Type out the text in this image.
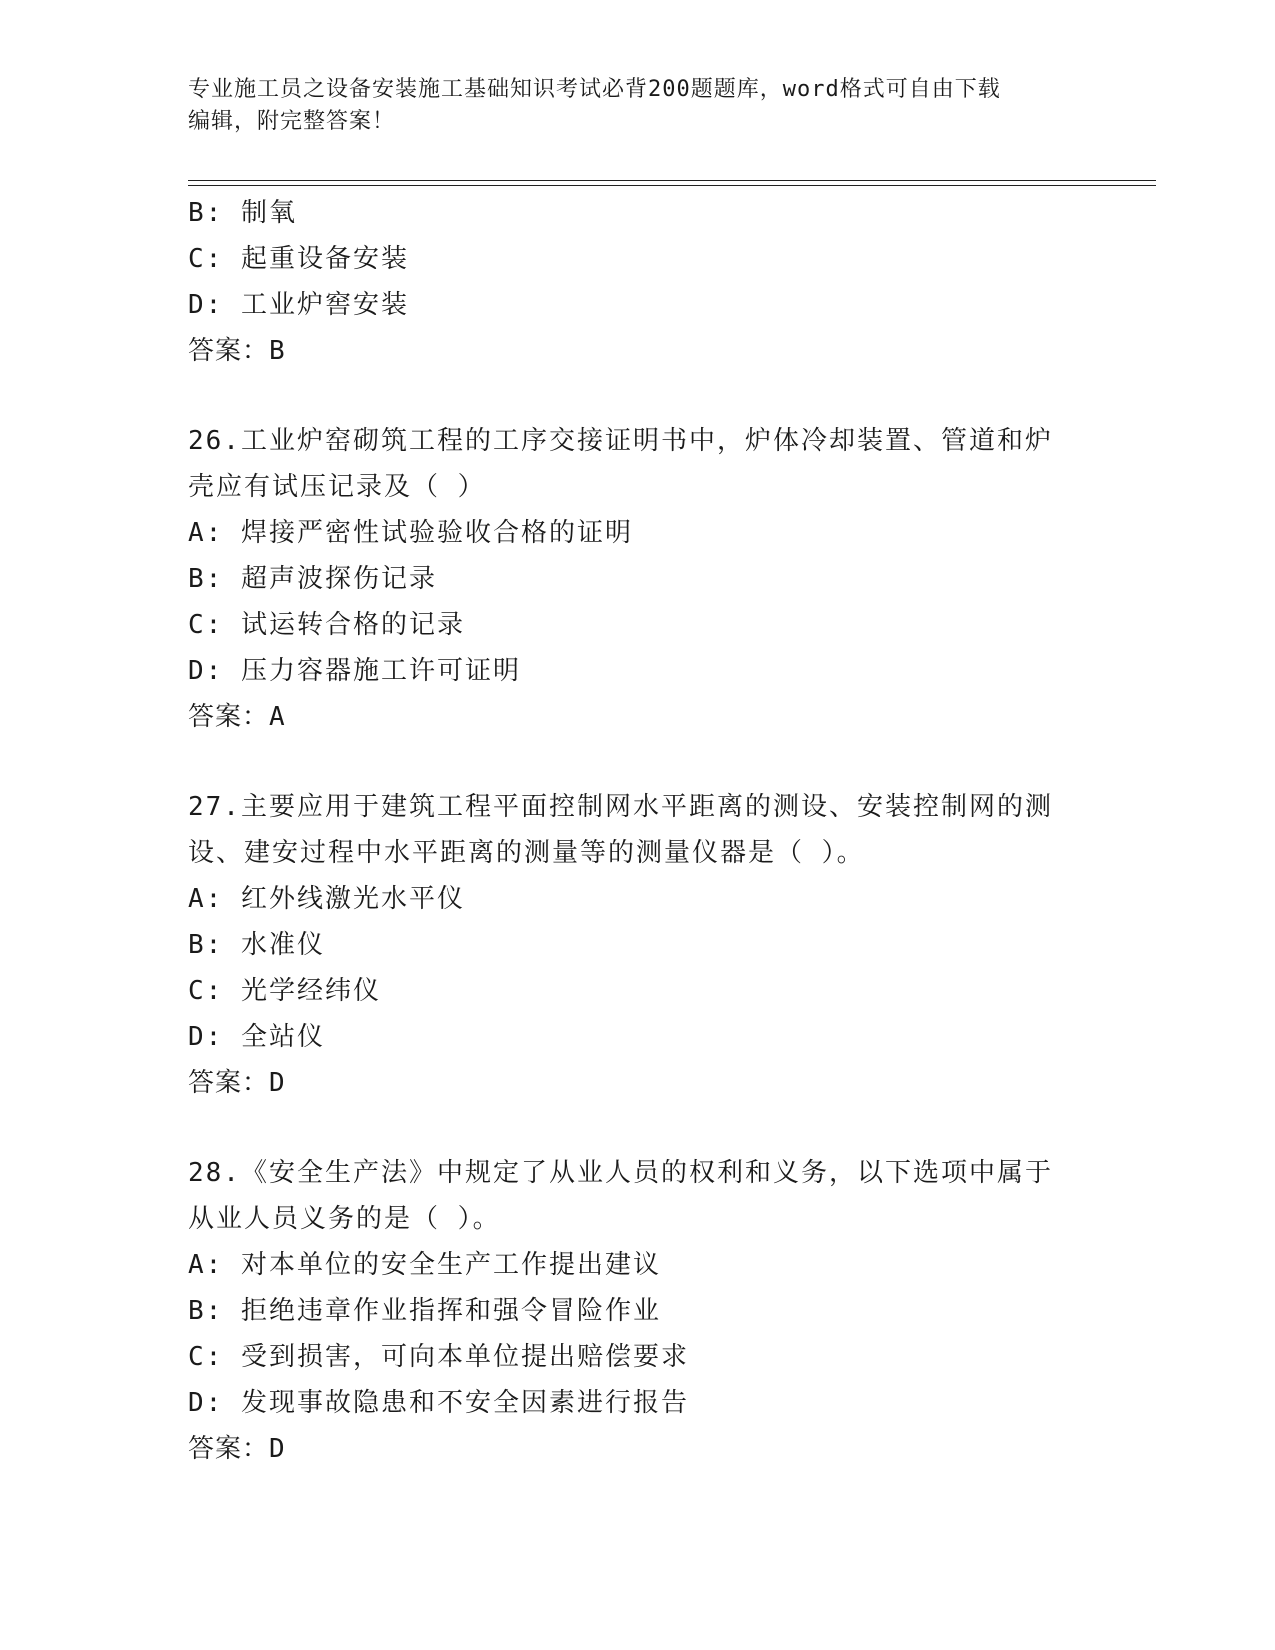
专业施工员之设备安装施工基础知识考试必背200题题库，word格式可自由下载
编辑，附完整答案！
B: 制氧
C: 起重设备安装
D: 工业炉窖安装
答案：B
26.工业炉窑砌筑工程的工序交接证明书中，炉体冷却装置、管道和炉
壳应有试压记录及（ ）
A: 焊接严密性试验验收合格的证明
B: 超声波探伤记录
C: 试运转合格的记录
D: 压力容器施工许可证明
答案：A
27.主要应用于建筑工程平面控制网水平距离的测设、安装控制网的测
设、建安过程中水平距离的测量等的测量仪器是（ ）。
A: 红外线激光水平仪
B: 水准仪
C: 光学经纬仪
D: 全站仪
答案：D
28.《安全生产法》中规定了从业人员的权利和义务，以下选项中属于
从业人员义务的是（ ）。
A: 对本单位的安全生产工作提出建议
B: 拒绝违章作业指挥和强令冒险作业
C: 受到损害，可向本单位提出赔偿要求
D: 发现事故隐患和不安全因素进行报告
答案：D
